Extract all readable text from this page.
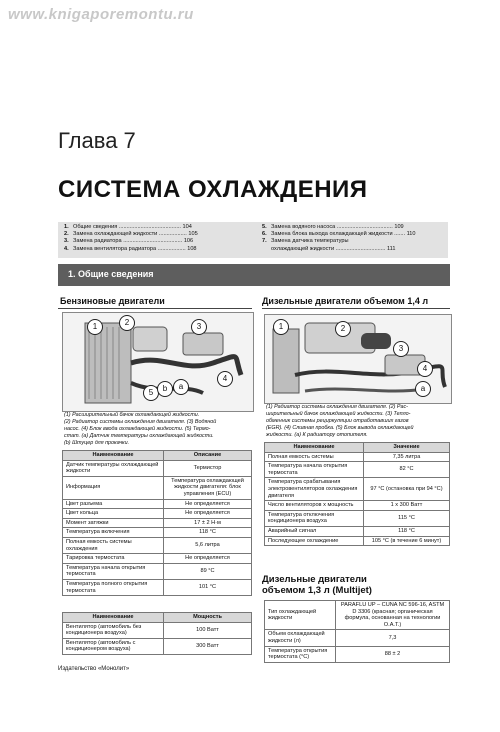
www.knigaporemontu.ru
Глава 7
СИСТЕМА ОХЛАЖДЕНИЯ
1. Общие сведения ........................................ 104
2. Замена охлаждающей жидкости .................. 105
3. Замена радиатора ...................................... 106
4. Замена вентилятора радиатора .................. 108
5. Замена водяного насоса .................................... 109
6. Замена блока выхода охлаждающей жидкости ....... 110
7. Замена датчика температуры
охлаждающей жидкости ................................ 111
1. Общие сведения
Бензиновые двигатели
1	2	3
4
5	b	a
(1) Расширительный бачок охлаждающей жидкости.
(2) Радиатор системы охлаждения двигателя. (3) Водяной
насос. (4) Блок ввода охлаждающей жидкости. (5) Термо-
стат. (a) Датчик температуры охлаждающей жидкости.
(b) Штуцер для прокачки.
Наименование	Описание
Датчик температуры охлаждающей жидкости	Термистор
Информация	Температура охлаждающей жидкости двигателя: блок управления (ECU)
Цвет разъема	Не определяется
Цвет кольца	Не определяется
Момент затяжки	17 ± 2 Н·м
Температура включения	118 °C
Полная емкость системы охлаждения	5,6 литра
Тарировка термостата	Не определяется
Температура начала открытия термостата	89 °C
Температура полного открытия термостата	101 °C
Наименование	Мощность
Вентилятор (автомобиль без кондиционера воздуха)	100 Ватт
Вентилятор (автомобиль с кондиционером воздуха)	300 Ватт
Дизельные двигатели объемом 1,4 л
1	2
3
4
a
(1) Радиатор системы охлаждения двигателя. (2) Рас-
ширительный бачок охлаждающей жидкости. (3) Тепло-
обменник системы рециркуляции отработавших газов
(EGR). (4) Сливная пробка. (5) Блок вывода охлаждающей
жидкости. (a) К радиатору отопителя.
Наименование	Значение
Полная емкость системы	7,35 литра
Температура начала открытия термостата	82 °C
Температура срабатывания электровентиляторов охлаждения двигателя	97 °C (остановка при 94 °C)
Число вентиляторов х мощность	1 x 300 Ватт
Температура отключения кондиционера воздуха	115 °C
Аварийный сигнал	118 °C
Последующее охлаждение	105 °C (в течение 6 минут)
Дизельные двигатели
объемом 1,3 л (Multijet)
Тип охлаждающей жидкости	PARAFLU UP – CUNA NC 596-16, ASTM D 3306 (красная; органическая формула, основанная на технологии O.A.T.)
Объем охлаждающей жидкости (л)	7,3
Температура открытия термостата (°C)	88 ± 2
Издательство «Монолит»
